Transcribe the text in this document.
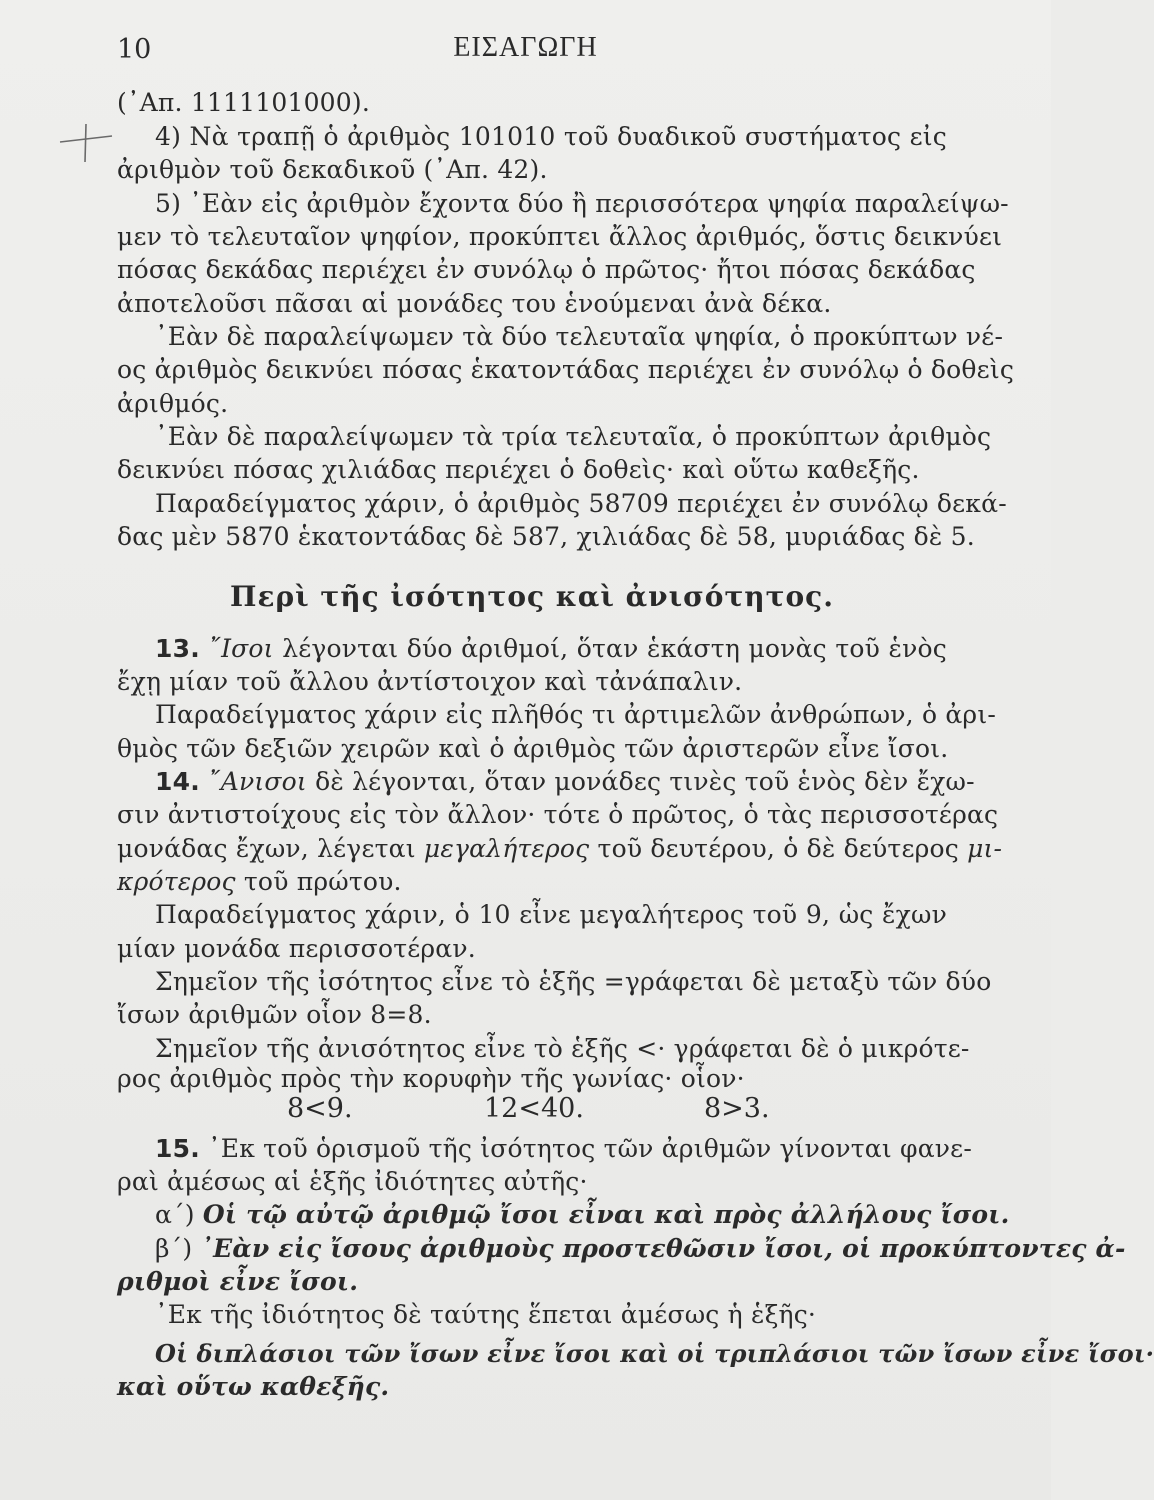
10	ΕΙΣΑΓΩΓΗ
(᾽Απ. 1111101000).
4) Νὰ τραπῇ ὁ ἀριθμὸς 101010 τοῦ δυαδικοῦ συστήματος εἰς
ἀριθμὸν τοῦ δεκαδικοῦ (᾽Απ. 42).
5) ᾽Εὰν εἰς ἀριθμὸν ἔχοντα δύο ἢ περισσότερα ψηφία παραλείψω-
μεν τὸ τελευταῖον ψηφίον, προκύπτει ἄλλος ἀριθμός, ὅστις δεικνύει
πόσας δεκάδας περιέχει ἐν συνόλῳ ὁ πρῶτος· ἤτοι πόσας δεκάδας
ἀποτελοῦσι πᾶσαι αἱ μονάδες του ἑνούμεναι ἀνὰ δέκα.
᾽Εὰν δὲ παραλείψωμεν τὰ δύο τελευταῖα ψηφία, ὁ προκύπτων νέ-
ος ἀριθμὸς δεικνύει πόσας ἑκατοντάδας περιέχει ἐν συνόλῳ ὁ δοθεὶς
ἀριθμός.
᾽Εὰν δὲ παραλείψωμεν τὰ τρία τελευταῖα, ὁ προκύπτων ἀριθμὸς
δεικνύει πόσας χιλιάδας περιέχει ὁ δοθεὶς· καὶ οὕτω καθεξῆς.
Παραδείγματος χάριν, ὁ ἀριθμὸς 58709 περιέχει ἐν συνόλῳ δεκά-
δας μὲν 5870 ἑκατοντάδας δὲ 587, χιλιάδας δὲ 58, μυριάδας δὲ 5.
Περὶ τῆς ἰσότητος καὶ ἀνισότητος.
13. ῎Ισοι λέγονται δύο ἀριθμοί, ὅταν ἑκάστη μονὰς τοῦ ἑνὸς
ἔχῃ μίαν τοῦ ἄλλου ἀντίστοιχον καὶ τἀνάπαλιν.
Παραδείγματος χάριν εἰς πλῆθός τι ἀρτιμελῶν ἀνθρώπων, ὁ ἀρι-
θμὸς τῶν δεξιῶν χειρῶν καὶ ὁ ἀριθμὸς τῶν ἀριστερῶν εἶνε ἴσοι.
14. ῎Ανισοι δὲ λέγονται, ὅταν μονάδες τινὲς τοῦ ἑνὸς δὲν ἔχω-
σιν ἀντιστοίχους εἰς τὸν ἄλλον· τότε ὁ πρῶτος, ὁ τὰς περισσοτέρας
μονάδας ἔχων, λέγεται μεγαλήτερος τοῦ δευτέρου, ὁ δὲ δεύτερος μι-
κρότερος τοῦ πρώτου.
Παραδείγματος χάριν, ὁ 10 εἶνε μεγαλήτερος τοῦ 9, ὡς ἔχων
μίαν μονάδα περισσοτέραν.
Σημεῖον τῆς ἰσότητος εἶνε τὸ ἑξῆς =γράφεται δὲ μεταξὺ τῶν δύο
ἴσων ἀριθμῶν οἷον 8=8.
Σημεῖον τῆς ἀνισότητος εἶνε τὸ ἑξῆς <· γράφεται δὲ ὁ μικρότε-
ρος ἀριθμὸς πρὸς τὴν κορυφὴν τῆς γωνίας· οἷον·
8<9.	12<40.	8>3.
15. ᾽Εκ τοῦ ὁρισμοῦ τῆς ἰσότητος τῶν ἀριθμῶν γίνονται φανε-
ραὶ ἀμέσως αἱ ἑξῆς ἰδιότητες αὐτῆς·
α΄) Οἱ τῷ αὐτῷ ἀριθμῷ ἴσοι εἶναι καὶ πρὸς ἀλλήλους ἴσοι.
β΄) ᾽Εὰν εἰς ἴσους ἀριθμοὺς προστεθῶσιν ἴσοι, οἱ προκύπτοντες ἀ-
ριθμοὶ εἶνε ἴσοι.
᾽Εκ τῆς ἰδιότητος δὲ ταύτης ἕπεται ἀμέσως ἡ ἑξῆς·
Οἱ διπλάσιοι τῶν ἴσων εἶνε ἴσοι καὶ οἱ τριπλάσιοι τῶν ἴσων εἶνε ἴσοι·
καὶ οὕτω καθεξῆς.
